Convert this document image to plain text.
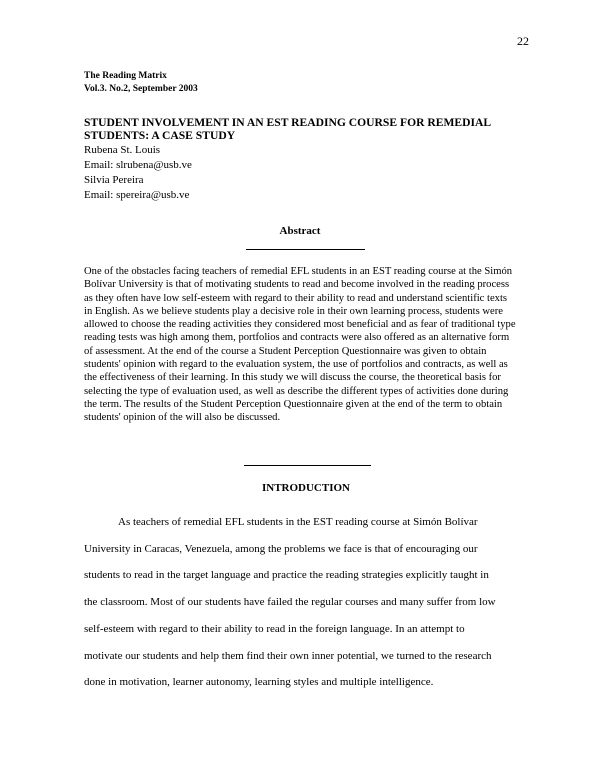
22
The Reading Matrix
Vol.3. No.2, September 2003
STUDENT INVOLVEMENT IN AN EST READING COURSE FOR REMEDIAL STUDENTS: A CASE STUDY
Rubena St. Louis
Email: slrubena@usb.ve
Silvia Pereira
Email: spereira@usb.ve
Abstract

One of the obstacles facing teachers of remedial EFL students in an EST reading course at the Simón Bolívar University is that of motivating students to read and become involved in the reading process as they often have low self-esteem with regard to their ability to read and understand scientific texts in English. As we believe students play a decisive role in their own learning process, students were allowed to choose the reading activities they considered most beneficial and as fear of traditional type reading tests was high among them, portfolios and contracts were also offered as an alternative form of assessment. At the end of the course a Student Perception Questionnaire was given to obtain students' opinion with regard to the evaluation system, the use of portfolios and contracts, as well as the effectiveness of their learning. In this study we will discuss the course, the theoretical basis for selecting the type of evaluation used, as well as describe the different types of activities done during the term. The results of the Student Perception Questionnaire given at the end of the term to obtain students' opinion of the will also be discussed.

INTRODUCTION
As teachers of remedial EFL students in the EST reading course at Simón Bolívar
University in Caracas, Venezuela, among the problems we face is that of encouraging our
students to read in the target language and practice the reading strategies explicitly taught in
the classroom. Most of our students have failed the regular courses and many suffer from low
self-esteem with regard to their ability to read in the foreign language. In an attempt to
motivate our students and help them find their own inner potential, we turned to the research
done in motivation, learner autonomy, learning styles and multiple intelligence.
